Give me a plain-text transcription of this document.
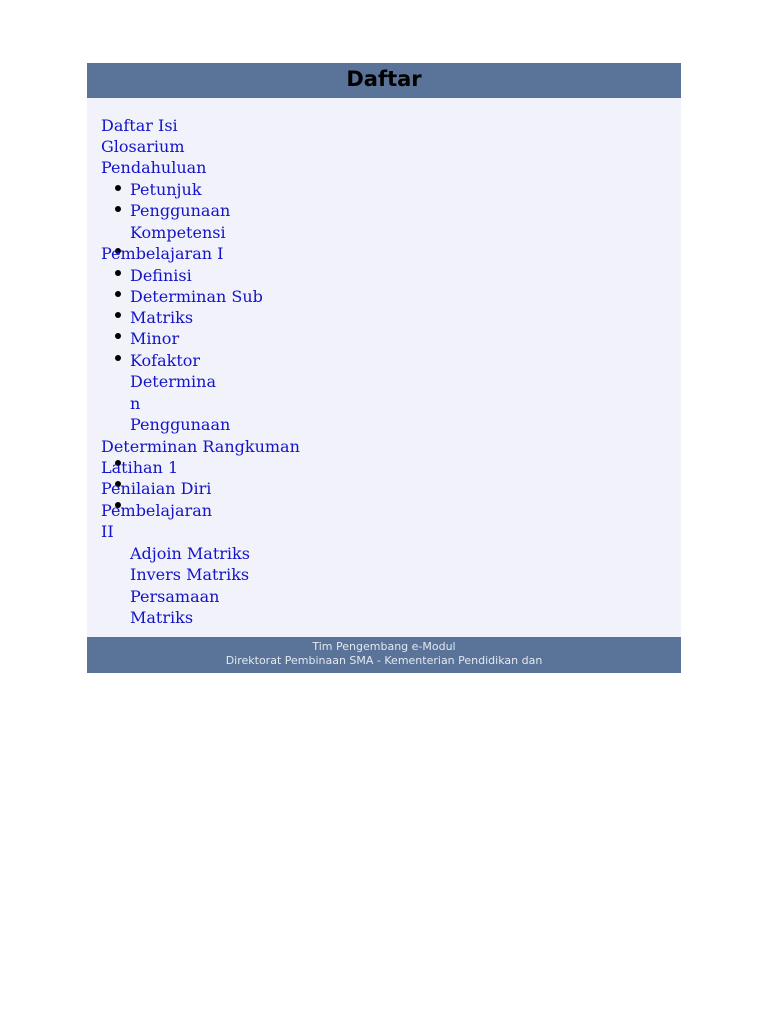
Daftar
Daftar Isi
Glosarium
Pendahuluan
Petunjuk
Penggunaan
Kompetensi
Pembelajaran I
Definisi
Determinan Sub
Matriks
Minor
Kofaktor
Determina
n
Penggunaan
Determinan Rangkuman
Latihan 1
Penilaian Diri
Pembelajaran
II
Adjoin Matriks
Invers Matriks
Persamaan
Matriks
Tim Pengembang e-Modul
Direktorat Pembinaan SMA - Kementerian Pendidikan dan
